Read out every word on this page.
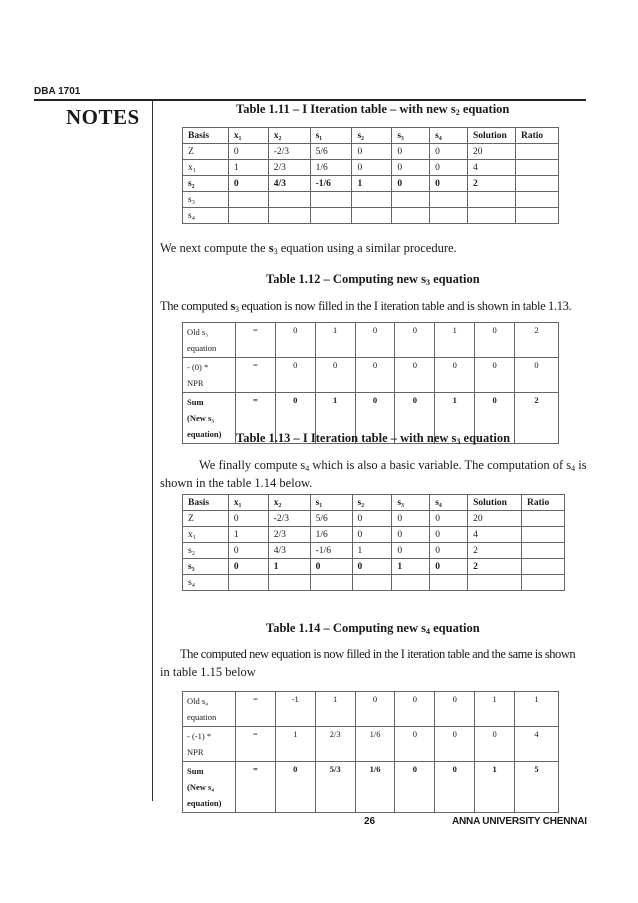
DBA 1701
NOTES	Table 1.11 – I Iteration table – with new $s_2$ equation
Basis	x₁	x₂	s₁	s₂	s₃	s₄	Solution	Ratio
Z	0	-2/3	5/6	0	0	0	20	
x₁	1	2/3	1/6	0	0	0	4	
s₂	0	4/3	-1/6	1	0	0	2	
s₃								
s₄								
We next compute the $s_3$ equation using a similar procedure.
Table 1.12 – Computing new $s_3$ equation
The computed $s_3$ equation is now filled in the I iteration table and is shown in table 1.13.
Old s₃
equation	=	0	1	0	0	1	0	2

- (0) *
NPR	=	0	0	0	0	0	0	0

Sum
(New s₃
equation)	=	0	1	0	0	1	0	2
Table 1.13 – I Iteration table – with new $s_3$ equation
We finally compute $s_4$ which is also a basic variable. The computation of $s_4$ is
shown in the table 1.14 below.
Basis	x₁	x₂	s₁	s₂	s₃	s₄	Solution	Ratio
Z	0	-2/3	5/6	0	0	0	20	
x₁	1	2/3	1/6	0	0	0	4	
s₂	0	4/3	-1/6	1	0	0	2	
s₃	0	1	0	0	1	0	2	
s₄								
Table 1.14 – Computing new $s_4$ equation
The computed new equation is now filled in the I iteration table and the same is shown
in table 1.15 below
Old s₄
equation	=	-1	1	0	0	0	1	1

- (-1) *
NPR	=	1	2/3	1/6	0	0	0	4

Sum
(New s₄
equation)	=	0	5/3	1/6	0	0	1	5
26	ANNA UNIVERSITY CHENNAI
